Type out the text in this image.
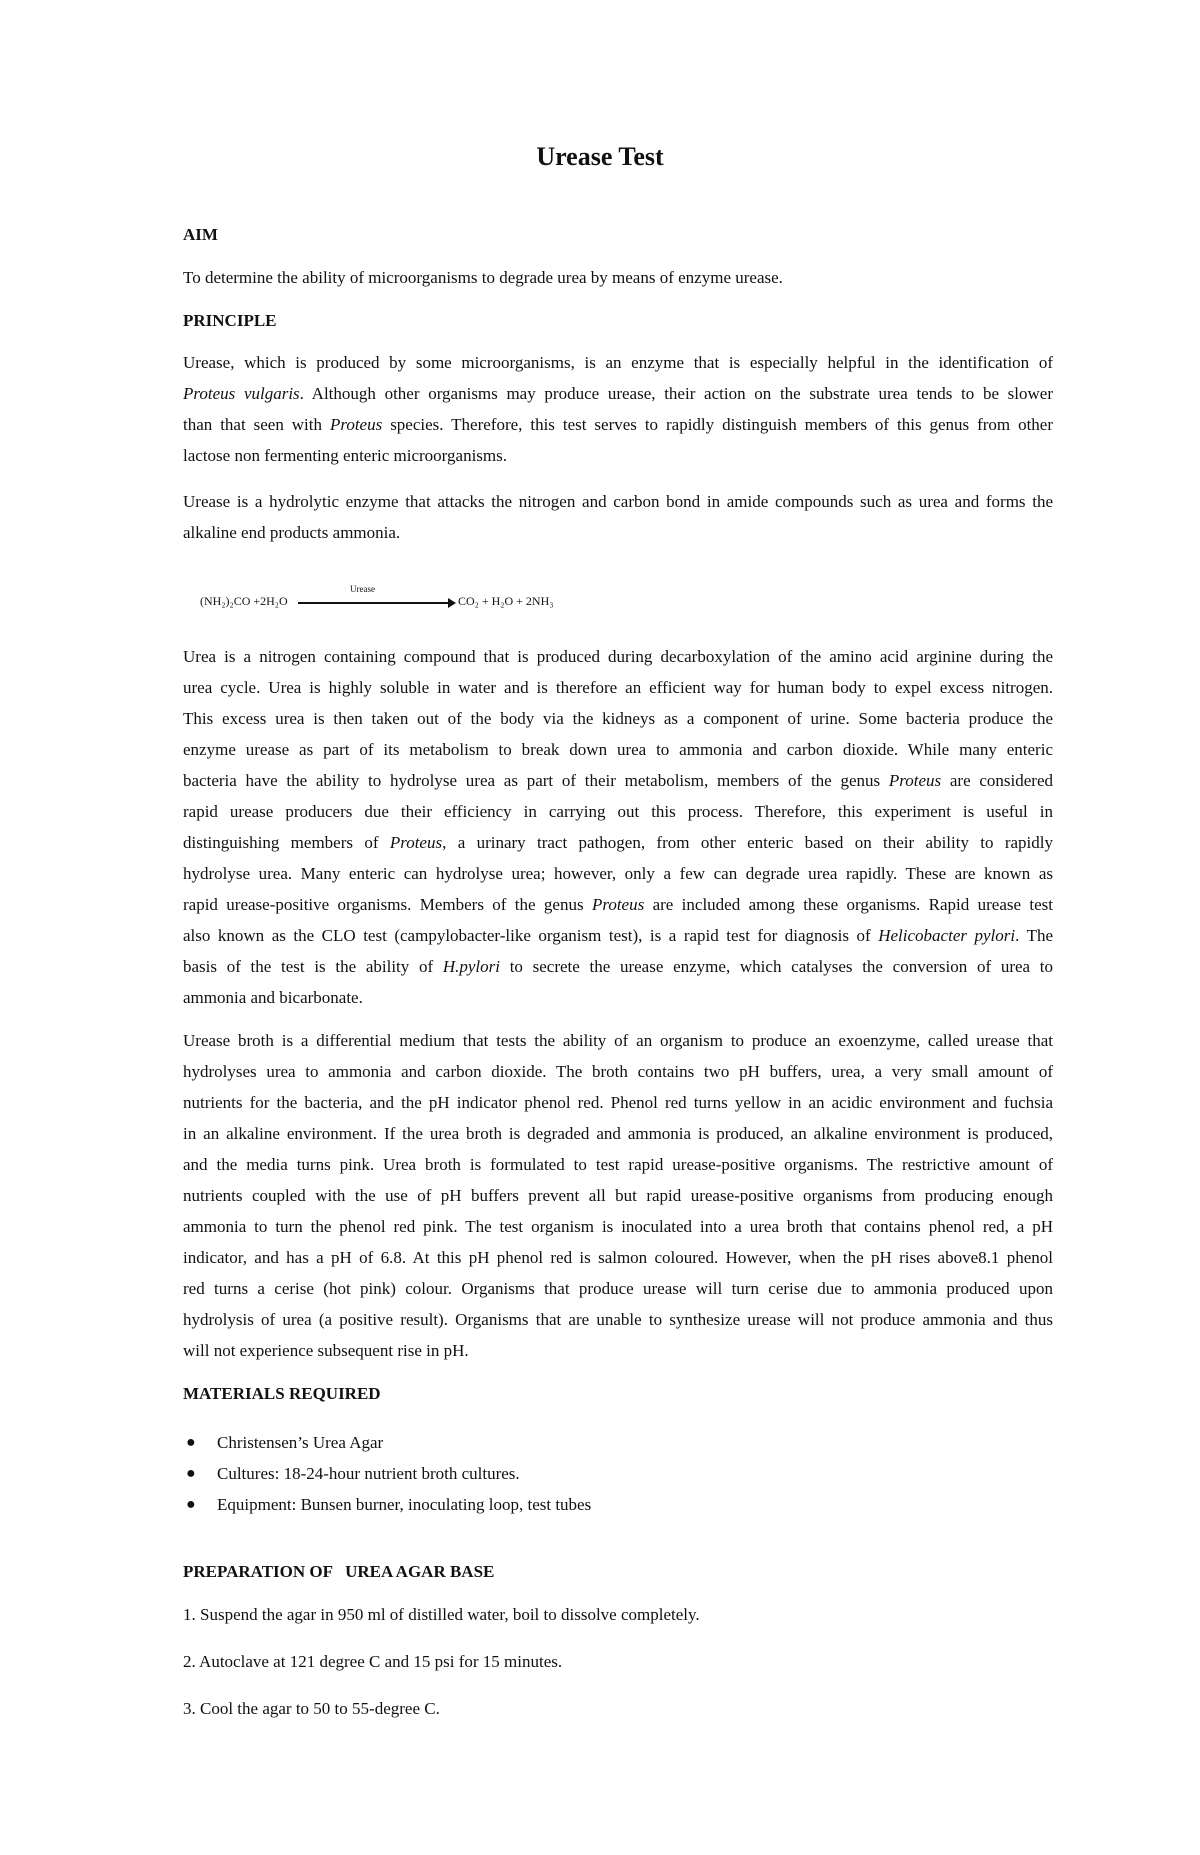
Urease Test
AIM
To determine the ability of microorganisms to degrade urea by means of enzyme urease.
PRINCIPLE
Urease, which is produced by some microorganisms, is an enzyme that is especially helpful in the identification of
Proteus vulgaris. Although other organisms may produce urease, their action on the substrate urea tends to be slower
than that seen with Proteus species. Therefore, this test serves to rapidly distinguish members of this genus from other
lactose non fermenting enteric microorganisms.
Urease is a hydrolytic enzyme that attacks the nitrogen and carbon bond in amide compounds such as urea and forms the
alkaline end products ammonia.
(NH₂)₂CO +2H₂O
Urease
CO₂ + H₂O + 2NH₃
Urea is a nitrogen containing compound that is produced during decarboxylation of the amino acid arginine during the
urea cycle. Urea is highly soluble in water and is therefore an efficient way for human body to expel excess nitrogen.
This excess urea is then taken out of the body via the kidneys as a component of urine. Some bacteria produce the
enzyme urease as part of its metabolism to break down urea to ammonia and carbon dioxide. While many enteric
bacteria have the ability to hydrolyse urea as part of their metabolism, members of the genus Proteus are considered
rapid urease producers due their efficiency in carrying out this process. Therefore, this experiment is useful in
distinguishing members of Proteus, a urinary tract pathogen, from other enteric based on their ability to rapidly
hydrolyse urea. Many enteric can hydrolyse urea; however, only a few can degrade urea rapidly. These are known as
rapid urease-positive organisms. Members of the genus Proteus are included among these organisms. Rapid urease test
also known as the CLO test (campylobacter-like organism test), is a rapid test for diagnosis of Helicobacter pylori. The
basis of the test is the ability of H.pylori to secrete the urease enzyme, which catalyses the conversion of urea to
ammonia and bicarbonate.
Urease broth is a differential medium that tests the ability of an organism to produce an exoenzyme, called urease that
hydrolyses urea to ammonia and carbon dioxide. The broth contains two pH buffers, urea, a very small amount of
nutrients for the bacteria, and the pH indicator phenol red. Phenol red turns yellow in an acidic environment and fuchsia
in an alkaline environment. If the urea broth is degraded and ammonia is produced, an alkaline environment is produced,
and the media turns pink. Urea broth is formulated to test rapid urease-positive organisms. The restrictive amount of
nutrients coupled with the use of pH buffers prevent all but rapid urease-positive organisms from producing enough
ammonia to turn the phenol red pink. The test organism is inoculated into a urea broth that contains phenol red, a pH
indicator, and has a pH of 6.8. At this pH phenol red is salmon coloured. However, when the pH rises above8.1 phenol
red turns a cerise (hot pink) colour. Organisms that produce urease will turn cerise due to ammonia produced upon
hydrolysis of urea (a positive result). Organisms that are unable to synthesize urease will not produce ammonia and thus
will not experience subsequent rise in pH.
MATERIALS REQUIRED
● Christensen’s Urea Agar
● Cultures: 18-24-hour nutrient broth cultures.
● Equipment: Bunsen burner, inoculating loop, test tubes
PREPARATION OF   UREA AGAR BASE
1. Suspend the agar in 950 ml of distilled water, boil to dissolve completely.
2. Autoclave at 121 degree C and 15 psi for 15 minutes.
3. Cool the agar to 50 to 55-degree C.
